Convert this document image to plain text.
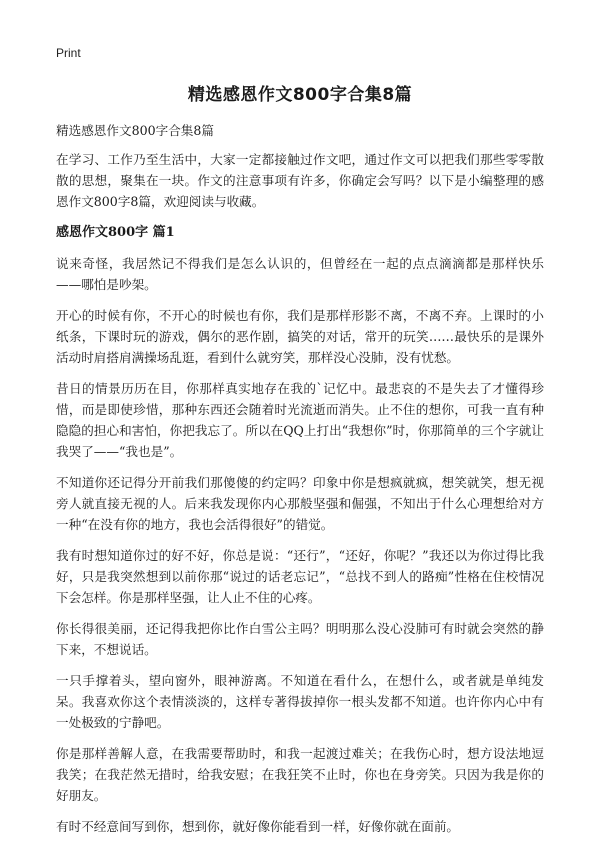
Print
精选感恩作文800字合集8篇

精选感恩作文800字合集8篇

在学习、工作乃至生活中，大家一定都接触过作文吧，通过作文可以把我们那些零零散散的思想，聚集在一块。作文的注意事项有许多，你确定会写吗？以下是小编整理的感恩作文800字8篇，欢迎阅读与收藏。

感恩作文800字 篇1

说来奇怪，我居然记不得我们是怎么认识的，但曾经在一起的点点滴滴都是那样快乐——哪怕是吵架。

开心的时候有你，不开心的时候也有你，我们是那样形影不离，不离不弃。上课时的小纸条，下课时玩的游戏，偶尔的恶作剧，搞笑的对话，常开的玩笑……最快乐的是课外活动时肩搭肩满操场乱逛，看到什么就穷笑，那样没心没肺，没有忧愁。

昔日的情景历历在目，你那样真实地存在我的`记忆中。最悲哀的不是失去了才懂得珍惜，而是即使珍惜，那种东西还会随着时光流逝而消失。止不住的想你，可我一直有种隐隐的担心和害怕，你把我忘了。所以在QQ上打出“我想你”时，你那简单的三个字就让我哭了——“我也是”。

不知道你还记得分开前我们那傻傻的约定吗？印象中你是想疯就疯，想笑就笑，想无视旁人就直接无视的人。后来我发现你内心那般坚强和倔强，不知出于什么心理想给对方一种“在没有你的地方，我也会活得很好”的错觉。

我有时想知道你过的好不好，你总是说：“还行”，“还好，你呢？”我还以为你过得比我好，只是我突然想到以前你那“说过的话老忘记”，“总找不到人的路痴”性格在住校情况下会怎样。你是那样坚强，让人止不住的心疼。

你长得很美丽，还记得我把你比作白雪公主吗？明明那么没心没肺可有时就会突然的静下来，不想说话。

一只手撑着头，望向窗外，眼神游离。不知道在看什么，在想什么，或者就是单纯发呆。我喜欢你这个表情淡淡的，这样专著得拔掉你一根头发都不知道。也许你内心中有一处极致的宁静吧。

你是那样善解人意，在我需要帮助时，和我一起渡过难关；在我伤心时，想方设法地逗我笑；在我茫然无措时，给我安慰；在我狂笑不止时，你也在身旁笑。只因为我是你的好朋友。

有时不经意间写到你，想到你，就好像你能看到一样，好像你就在面前。
